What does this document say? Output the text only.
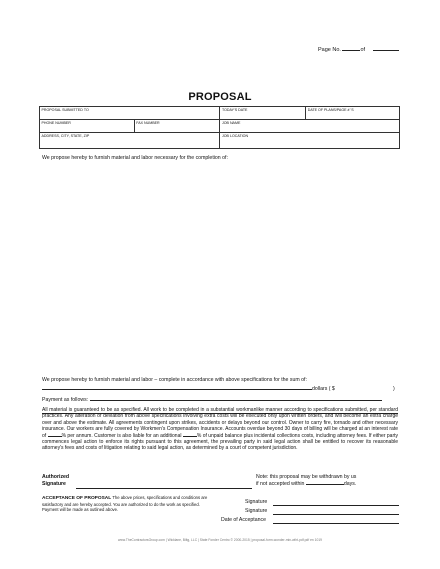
Page No.	of
PROPOSAL
PROPOSAL SUBMITTED TO		TODAY'S DATE	DATE OF PLANS/PAGE # 'S
PHONE NUMBER	FAX NUMBER	JOB NAME	
ADDRESS, CITY, STATE, ZIP		JOB LOCATION	
We propose hereby to furnish material and labor necessary for the completion of:
We propose hereby to furnish material and labor – complete in accordance with above specifications for the sum of:
dollars ( $	)
Payment as follows:
All material is guaranteed to be as specified. All work to be completed in a substantial workmanlike manner according to specifications submitted, per standard practices. Any alteration or deviation from above specifications involving extra costs will be executed only upon written orders, and will become an extra charge over and above the estimate. All agreements contingent upon strikes, accidents or delays beyond our control. Owner to carry fire, tornado and other necessary insurance. Our workers are fully covered by Workmen's Compensation Insurance. Accounts overdue beyond 30 days of billing will be charged at an interest rate of	% per annum. Customer is also liable for an additional	% of unpaid balance plus incidental collections costs, including attorney fees. If either party commences legal action to enforce its rights pursuant to this agreement, the prevailing party in said legal action shall be entitled to recover its reasonable attorney's fees and costs of litigation relating to said legal action, as determined by a court of competent jurisdiction.
Authorized
Signature
Note: this proposal may be withdrawn by us
if not accepted within	days.
ACCEPTANCE OF PROPOSAL The above prices, specifications and conditions are satisfactory and are hereby accepted. You are authorized to do the work as specified. Payment will be made as outlined above.
Signature
Signature
Date of Acceptance
www.TheContractorsGroup.com | Wicklane, Biltg, LLC | State Fonder Centro © 2000-2015 | proposal-form-wonder-min-wiht-pdf.pdf en 1019
